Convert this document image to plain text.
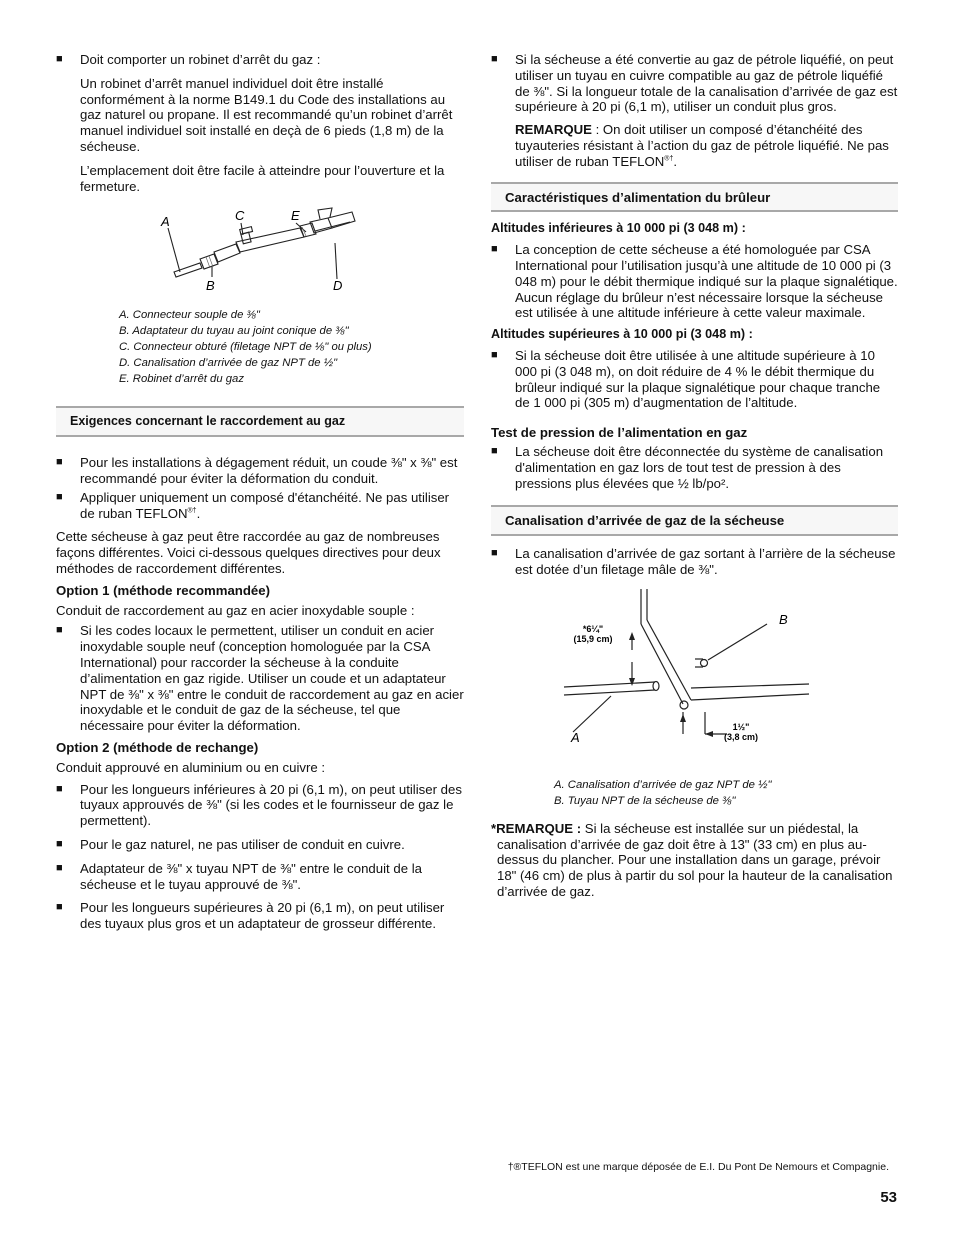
■ Doit comporter un robinet d’arrêt du gaz :

Un robinet d’arrêt manuel individuel doit être installé conformément à la norme B149.1 du Code des installations au gaz naturel ou propane. Il est recommandé qu’un robinet d’arrêt manuel individuel soit installé en deçà de 6 pieds (1,8 m) de la sécheuse.

L’emplacement doit être facile à atteindre pour l’ouverture et la fermeture.

A	C	E
B	D
A. Connecteur souple de ⅜"
B. Adaptateur du tuyau au joint conique de ⅜"
C. Connecteur obturé (filetage NPT de ⅛" ou plus)
D. Canalisation d’arrivée de gaz NPT de ½"
E. Robinet d’arrêt du gaz
Exigences concernant le raccordement au gaz

■ Pour les installations à dégagement réduit, un coude ⅜" x ⅜" est recommandé pour éviter la déformation du conduit.

■ Appliquer uniquement un composé d'étanchéité. Ne pas utiliser de ruban TEFLON®†.

Cette sécheuse à gaz peut être raccordée au gaz de nombreuses façons différentes. Voici ci-dessous quelques directives pour deux méthodes de raccordement différentes.

Option 1 (méthode recommandée)

Conduit de raccordement au gaz en acier inoxydable souple :

■ Si les codes locaux le permettent, utiliser un conduit en acier inoxydable souple neuf (conception homologuée par la CSA International) pour raccorder la sécheuse à la conduite d’alimentation en gaz rigide. Utiliser un coude et un adaptateur NPT de ⅜" x ⅜" entre le conduit de raccordement au gaz en acier inoxydable et le conduit de gaz de la sécheuse, tel que nécessaire pour éviter la déformation.

Option 2 (méthode de rechange)

Conduit approuvé en aluminium ou en cuivre :

■ Pour les longueurs inférieures à 20 pi (6,1 m), on peut utiliser des tuyaux approuvés de ⅜" (si les codes et le fournisseur de gaz le permettent).

■ Pour le gaz naturel, ne pas utiliser de conduit en cuivre.

■ Adaptateur de ⅜" x tuyau NPT de ⅜" entre le conduit de la sécheuse et le tuyau approuvé de ⅜".

■ Pour les longueurs supérieures à 20 pi (6,1 m), on peut utiliser des tuyaux plus gros et un adaptateur de grosseur différente.

■ Si la sécheuse a été convertie au gaz de pétrole liquéfié, on peut utiliser un tuyau en cuivre compatible au gaz de pétrole liquéfié de ⅜". Si la longueur totale de la canalisation d’arrivée de gaz est supérieure à 20 pi (6,1 m), utiliser un conduit plus gros.

REMARQUE : On doit utiliser un composé d’étanchéité des tuyauteries résistant à l’action du gaz de pétrole liquéfié. Ne pas utiliser de ruban TEFLON®†.

Caractéristiques d’alimentation du brûleur

Altitudes inférieures à 10 000 pi (3 048 m) :

■ La conception de cette sécheuse a été homologuée par CSA International pour l’utilisation jusqu’à une altitude de 10 000 pi (3 048 m) pour le débit thermique indiqué sur la plaque signalétique. Aucun réglage du brûleur n’est nécessaire lorsque la sécheuse est utilisée à une altitude inférieure à cette valeur maximale.

Altitudes supérieures à 10 000 pi (3 048 m) :

■ Si la sécheuse doit être utilisée à une altitude supérieure à 10 000 pi (3 048 m), on doit réduire de 4 % le débit thermique du brûleur indiqué sur la plaque signalétique pour chaque tranche de 1 000 pi (305 m) d’augmentation de l’altitude.

Test de pression de l’alimentation en gaz

■ La sécheuse doit être déconnectée du système de canalisation d'alimentation en gaz lors de tout test de pression à des pressions plus élevées que ½ lb/po².

Canalisation d’arrivée de gaz de la sécheuse

■ La canalisation d’arrivée de gaz sortant à l’arrière de la sécheuse est dotée d’un filetage mâle de ⅜".

*6¼"
(15,9 cm)
1½"
(3,8 cm)
B
A
A. Canalisation d’arrivée de gaz NPT de ½"
B. Tuyau NPT de la sécheuse de ⅜"

*REMARQUE : Si la sécheuse est installée sur un piédestal, la canalisation d’arrivée de gaz doit être à 13" (33 cm) en plus au-dessus du plancher. Pour une installation dans un garage, prévoir 18" (46 cm) de plus à partir du sol pour la hauteur de la canalisation d’arrivée de gaz.

†®TEFLON est une marque déposée de E.I. Du Pont De Nemours et Compagnie.
53
